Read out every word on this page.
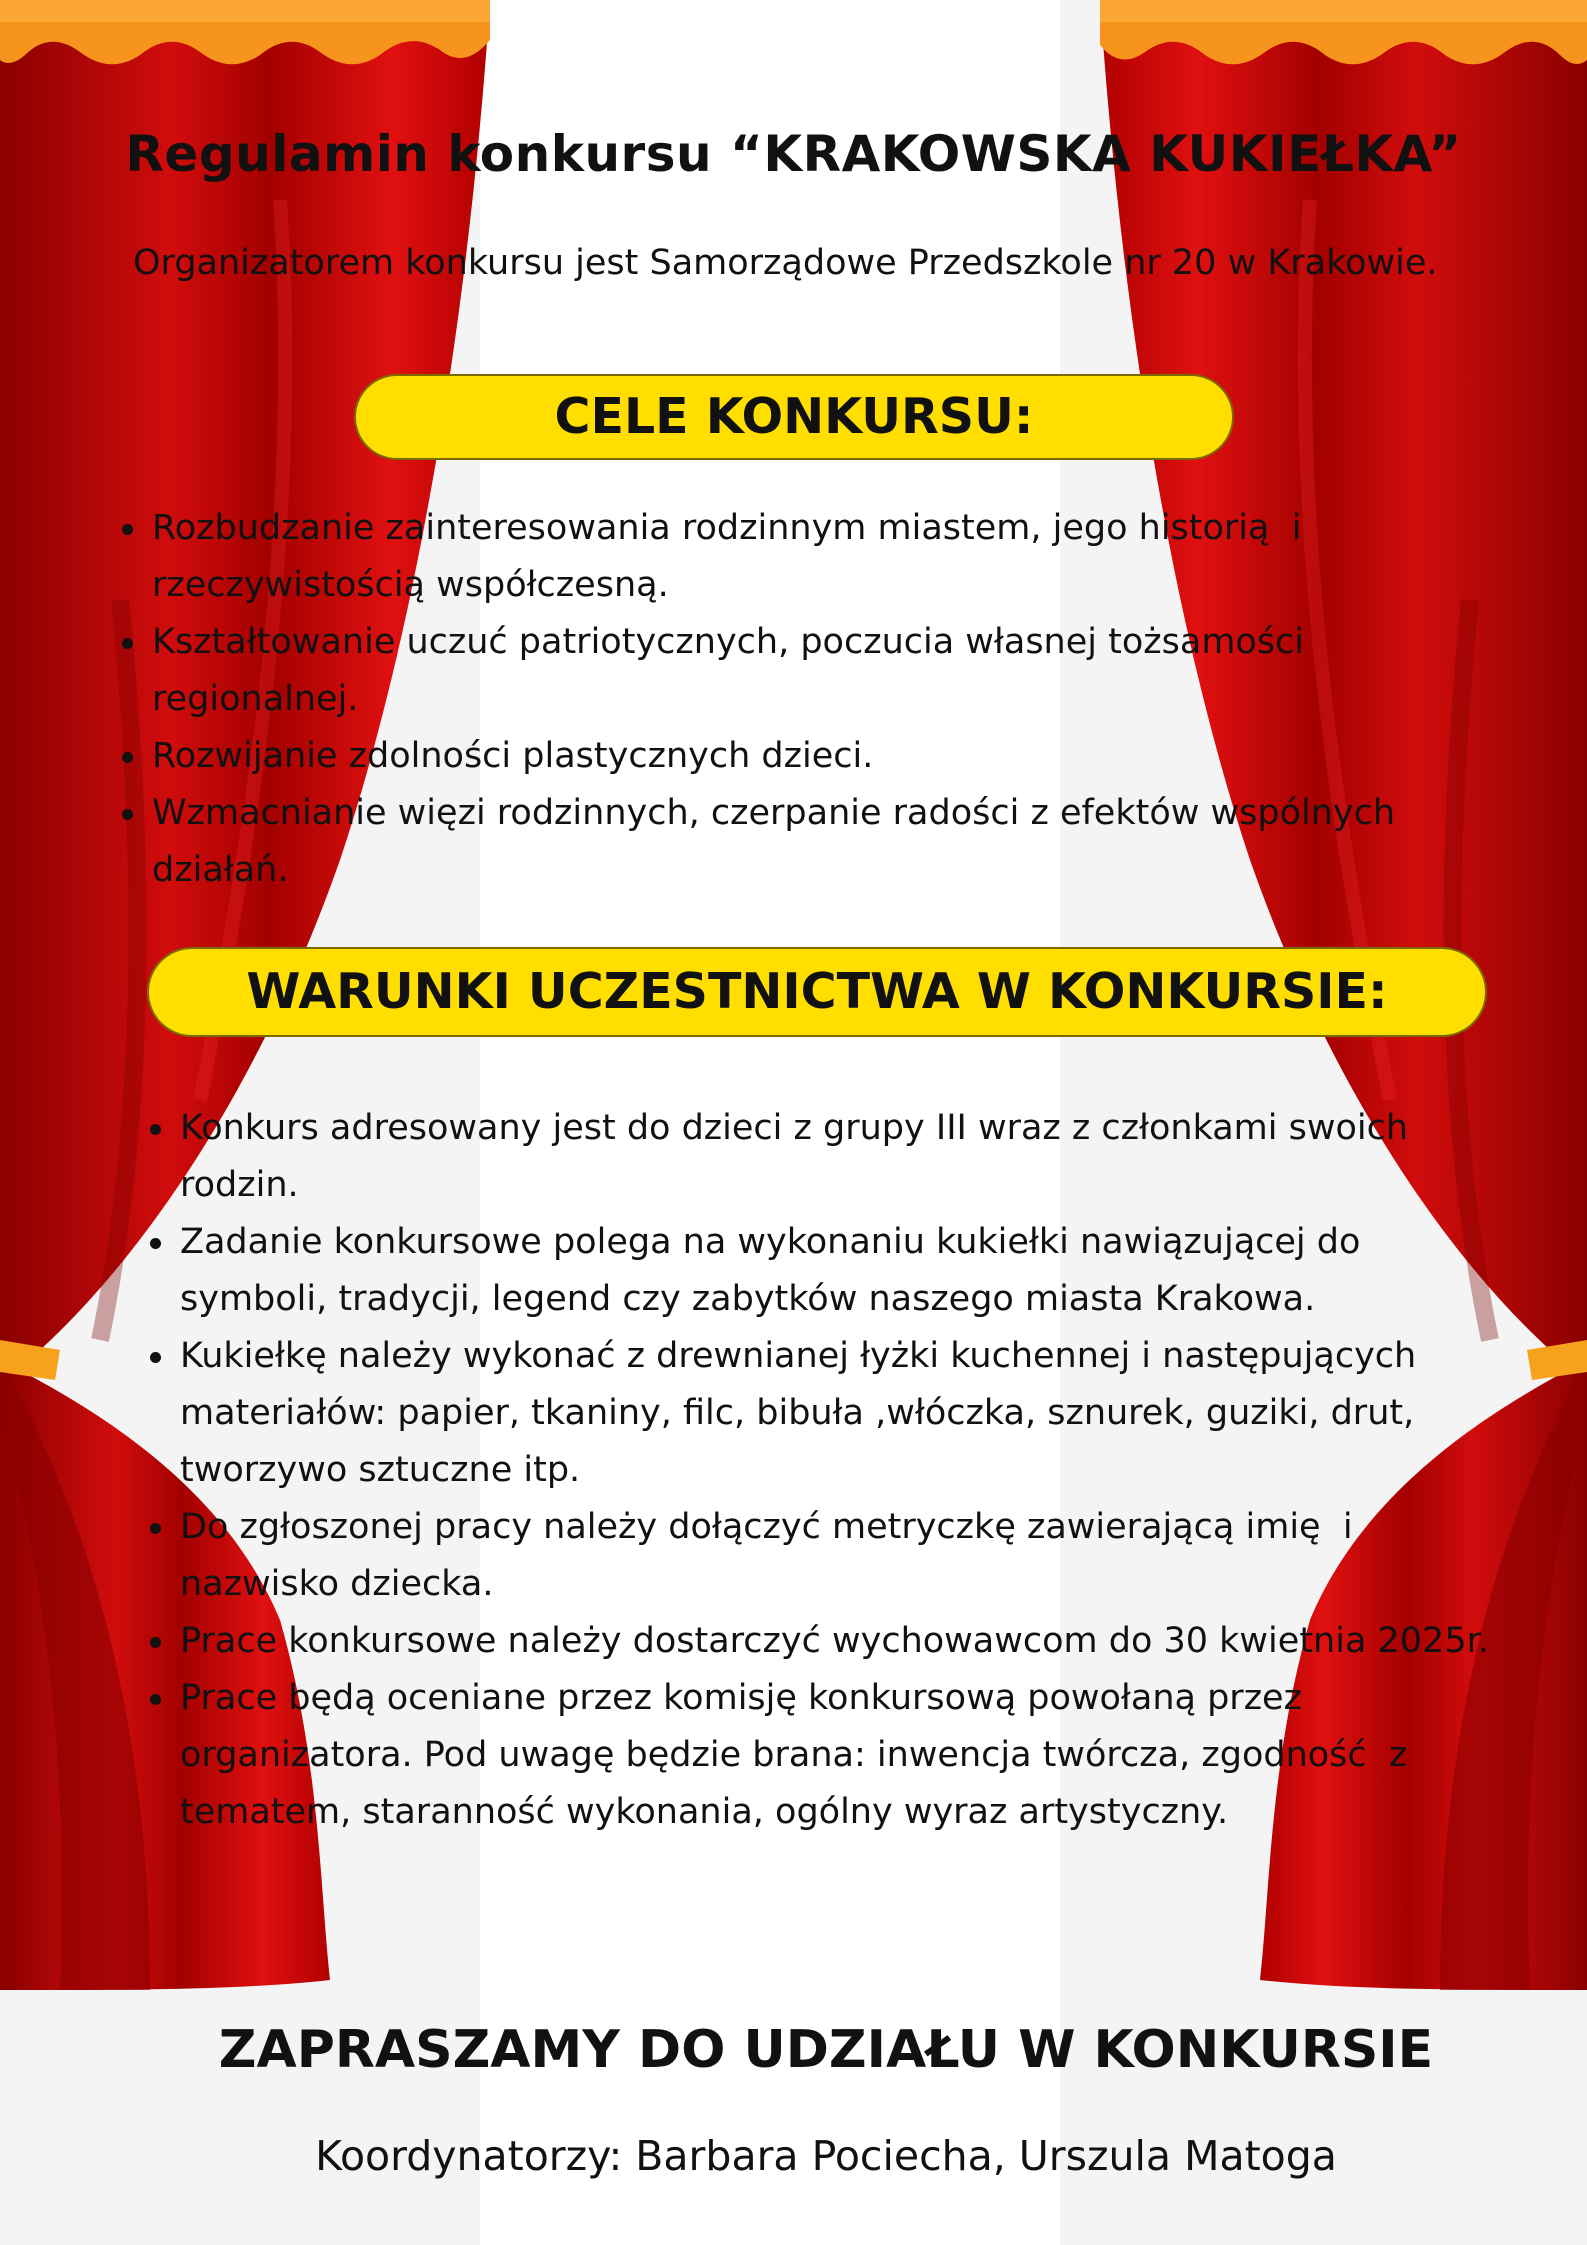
Regulamin konkursu “KRAKOWSKA KUKIEŁKA”
Organizatorem konkursu jest Samorządowe Przedszkole nr 20 w Krakowie.
CELE KONKURSU:
Rozbudzanie zainteresowania rodzinnym miastem, jego historią  i rzeczywistością współczesną.
Kształtowanie uczuć patriotycznych, poczucia własnej tożsamości regionalnej.
Rozwijanie zdolności plastycznych dzieci.
Wzmacnianie więzi rodzinnych, czerpanie radości z efektów wspólnych działań.
WARUNKI UCZESTNICTWA W KONKURSIE:
Konkurs adresowany jest do dzieci z grupy III wraz z członkami swoich rodzin.
Zadanie konkursowe polega na wykonaniu kukiełki nawiązującej do symboli, tradycji, legend czy zabytków naszego miasta Krakowa.
Kukiełkę należy wykonać z drewnianej łyżki kuchennej i następujących materiałów: papier, tkaniny, filc, bibuła ,włóczka, sznurek, guziki, drut, tworzywo sztuczne itp.
Do zgłoszonej pracy należy dołączyć metryczkę zawierającą imię  i nazwisko dziecka.
Prace konkursowe należy dostarczyć wychowawcom do 30 kwietnia 2025r.
Prace będą oceniane przez komisję konkursową powołaną przez organizatora. Pod uwagę będzie brana: inwencja twórcza, zgodność  z tematem, staranność wykonania, ogólny wyraz artystyczny.
ZAPRASZAMY DO UDZIAŁU W KONKURSIE
Koordynatorzy: Barbara Pociecha, Urszula Matoga
